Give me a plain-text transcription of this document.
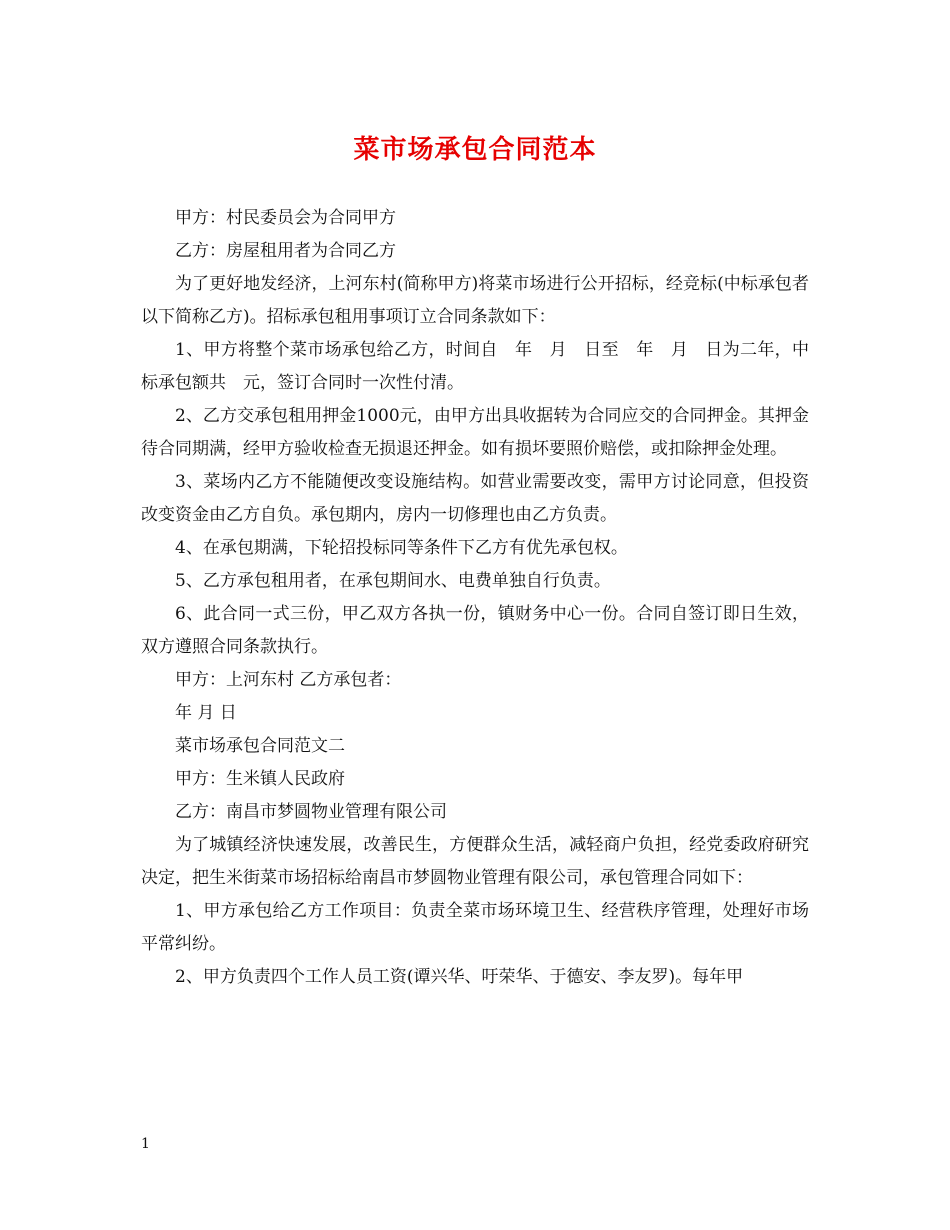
菜市场承包合同范本

甲方：村民委员会为合同甲方

乙方：房屋租用者为合同乙方

为了更好地发经济，上河东村(简称甲方)将菜市场进行公开招标，经竞标(中标承包者以下简称乙方)。招标承包租用事项订立合同条款如下：

1、甲方将整个菜市场承包给乙方，时间自　年　月　日至　年　月　日为二年，中标承包额共　元，签订合同时一次性付清。

2、乙方交承包租用押金1000元，由甲方出具收据转为合同应交的合同押金。其押金待合同期满，经甲方验收检查无损退还押金。如有损坏要照价赔偿，或扣除押金处理。

3、菜场内乙方不能随便改变设施结构。如营业需要改变，需甲方讨论同意，但投资改变资金由乙方自负。承包期内，房内一切修理也由乙方负责。

4、在承包期满，下轮招投标同等条件下乙方有优先承包权。

5、乙方承包租用者，在承包期间水、电费单独自行负责。

6、此合同一式三份，甲乙双方各执一份，镇财务中心一份。合同自签订即日生效，双方遵照合同条款执行。

甲方：上河东村 乙方承包者：

年 月 日

菜市场承包合同范文二

甲方：生米镇人民政府

乙方：南昌市梦圆物业管理有限公司

为了城镇经济快速发展，改善民生，方便群众生活，减轻商户负担，经党委政府研究决定，把生米街菜市场招标给南昌市梦圆物业管理有限公司，承包管理合同如下：

1、甲方承包给乙方工作项目：负责全菜市场环境卫生、经营秩序管理，处理好市场平常纠纷。

2、甲方负责四个工作人员工资(谭兴华、吁荣华、于德安、李友罗)。每年甲

1
